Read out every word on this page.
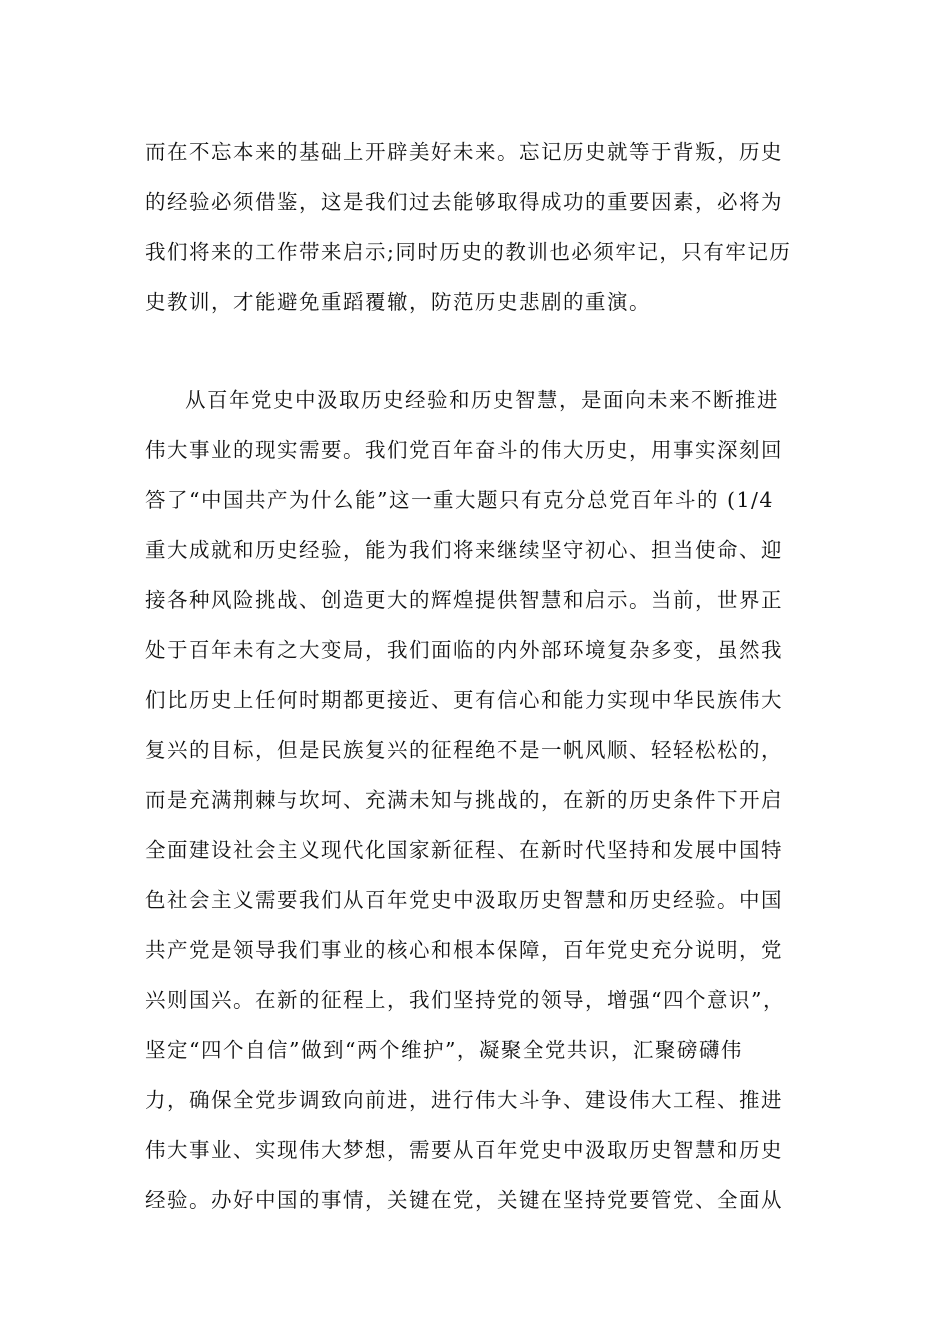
而在不忘本来的基础上开辟美好未来。忘记历史就等于背叛，历史
的经验必须借鉴，这是我们过去能够取得成功的重要因素，必将为
我们将来的工作带来启示;同时历史的教训也必须牢记，只有牢记历
史教训，才能避免重蹈覆辙，防范历史悲剧的重演。
从百年党史中汲取历史经验和历史智慧，是面向未来不断推进
伟大事业的现实需要。我们党百年奋斗的伟大历史，用事实深刻回
答了“中国共产为什么能”这一重大题只有克分总党百年斗的 (1/4
重大成就和历史经验，能为我们将来继续坚守初心、担当使命、迎
接各种风险挑战、创造更大的辉煌提供智慧和启示。当前，世界正
处于百年未有之大变局，我们面临的内外部环境复杂多变，虽然我
们比历史上任何时期都更接近、更有信心和能力实现中华民族伟大
复兴的目标，但是民族复兴的征程绝不是一帆风顺、轻轻松松的，
而是充满荆棘与坎坷、充满未知与挑战的，在新的历史条件下开启
全面建设社会主义现代化国家新征程、在新时代坚持和发展中国特
色社会主义需要我们从百年党史中汲取历史智慧和历史经验。中国
共产党是领导我们事业的核心和根本保障，百年党史充分说明，党
兴则国兴。在新的征程上，我们坚持党的领导，增强“四个意识”，
坚定“四个自信”做到“两个维护”，凝聚全党共识，汇聚磅礴伟
力，确保全党步调致向前进，进行伟大斗争、建设伟大工程、推进
伟大事业、实现伟大梦想，需要从百年党史中汲取历史智慧和历史
经验。办好中国的事情，关键在党，关键在坚持党要管党、全面从
